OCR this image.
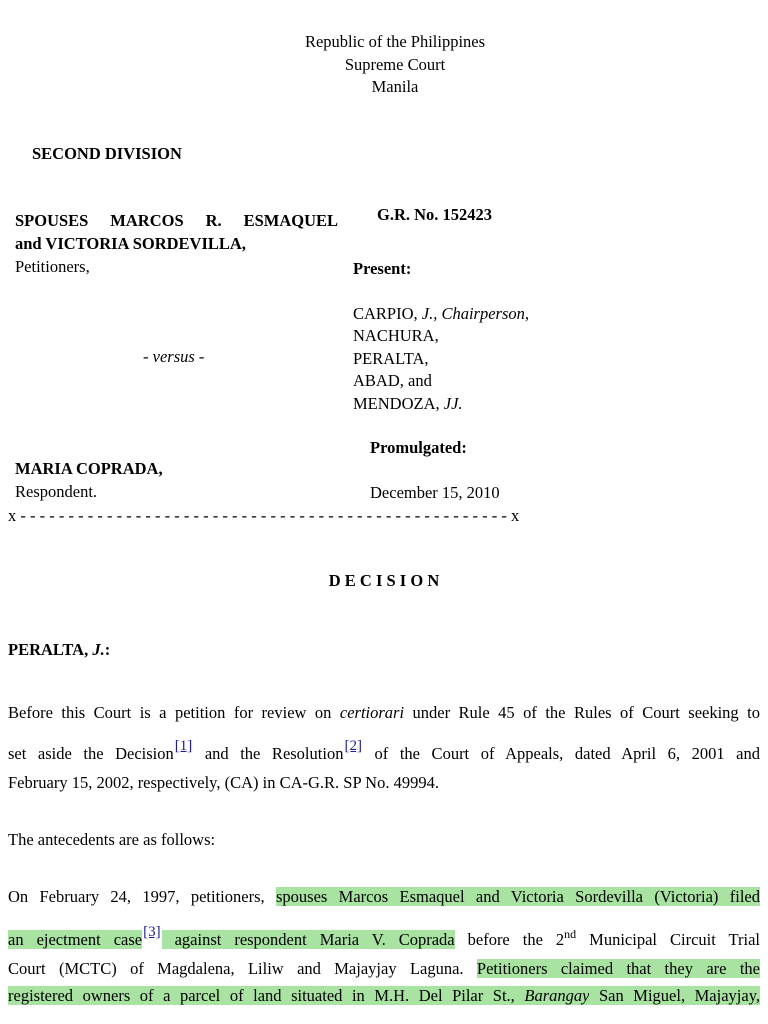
Republic of the Philippines
Supreme Court
Manila
SECOND DIVISION
SPOUSES MARCOS R. ESMAQUEL
and VICTORIA SORDEVILLA,
Petitioners,
- versus -
MARIA COPRADA,
Respondent.
G.R. No. 152423
Present:
CARPIO, J., Chairperson,
NACHURA,
PERALTA,
ABAD, and
MENDOZA, JJ.
Promulgated:
December 15, 2010
x - - - - - - - - - - - - - - - - - - - - - - - - - - - - - - - - - - - - - - - - - - - - - - - - - - - x
D E C I S I O N
PERALTA, J.:
Before this Court is a petition for review on certiorari under Rule 45 of the Rules of Court seeking to
set aside the Decision[1] and the Resolution[2] of the Court of Appeals, dated April 6, 2001 and
February 15, 2002, respectively, (CA) in CA-G.R. SP No. 49994.
The antecedents are as follows:
On February 24, 1997, petitioners, spouses Marcos Esmaquel and Victoria Sordevilla (Victoria) filed
an ejectment case[3] against respondent Maria V. Coprada before the 2nd Municipal Circuit Trial
Court (MCTC) of Magdalena, Liliw and Majayjay Laguna. Petitioners claimed that they are the
registered owners of a parcel of land situated in M.H. Del Pilar St., Barangay San Miguel, Majayjay,
